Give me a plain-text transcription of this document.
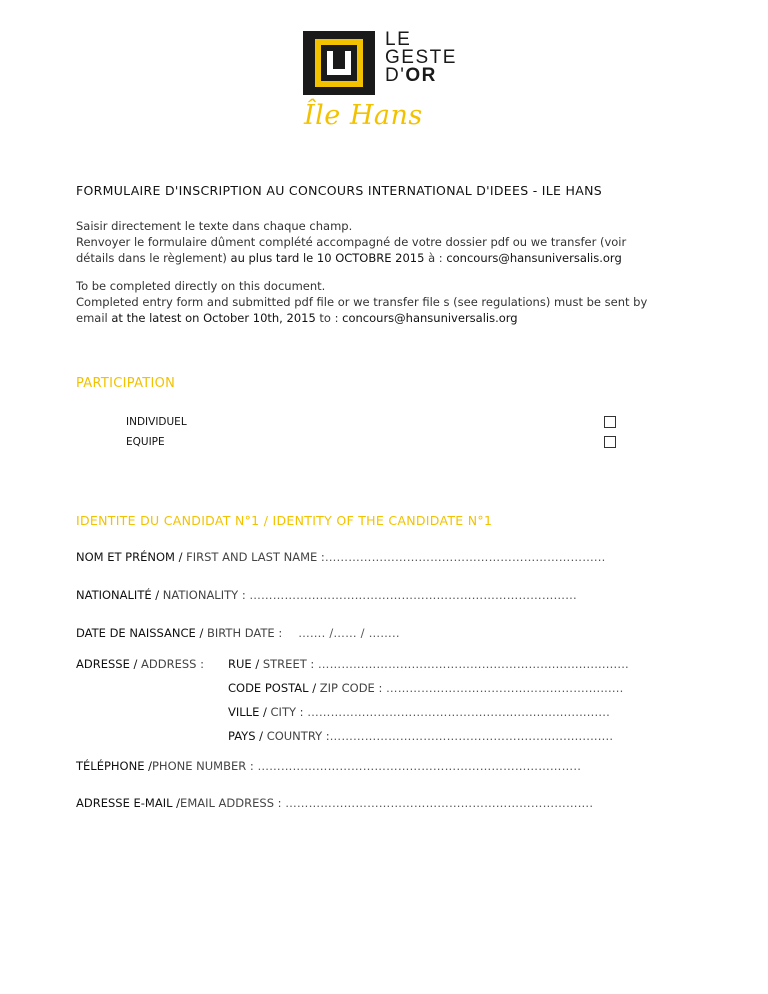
LE
GESTE
D'OR
Île Hans
FORMULAIRE D'INSCRIPTION AU CONCOURS INTERNATIONAL D'IDEES - ILE HANS
Saisir directement le texte dans chaque champ.
Renvoyer le formulaire dûment complété accompagné de votre dossier pdf ou we transfer (voir
détails dans le règlement) au plus tard le 10 OCTOBRE 2015 à : concours@hansuniversalis.org
To be completed directly on this document.
Completed entry form and submitted pdf file or we transfer file s (see regulations) must be sent by
email at the latest on October 10th, 2015 to : concours@hansuniversalis.org
PARTICIPATION
INDIVIDUEL
EQUIPE
IDENTITE DU CANDIDAT N°1 / IDENTITY OF THE CANDIDATE N°1
NOM ET PRÉNOM / FIRST AND LAST NAME :……………………………………………………………...
NATIONALITÉ / NATIONALITY : ………………………………………………………………………...
DATE DE NAISSANCE / BIRTH DATE : ……. /…… / ……..
ADRESSE / ADDRESS : RUE / STREET : ………………………………………………….......................
CODE POSTAL / ZIP CODE : ……………………………………………..........
VILLE / CITY : ……………………………………….................................
PAYS / COUNTRY :………………………………………….........................
TÉLÉPHONE /PHONE NUMBER : ………………………………………………………………………..
ADRESSE E-MAIL /EMAIL ADDRESS : …………………………………………………………………….
